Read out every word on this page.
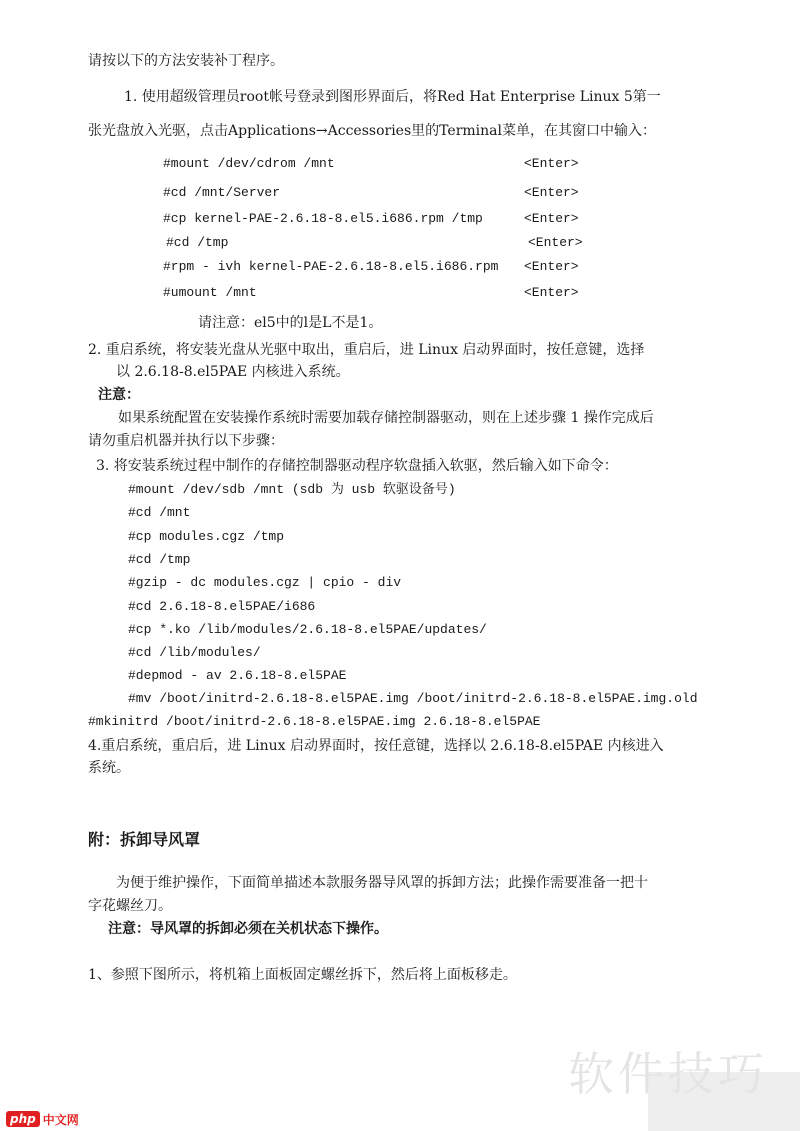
请按以下的方法安装补丁程序。
1. 使用超级管理员root帐号登录到图形界面后，将Red Hat Enterprise Linux 5第一
张光盘放入光驱，点击Applications→Accessories里的Terminal菜单，在其窗口中输入：
#mount /dev/cdrom /mnt	<Enter>
#cd /mnt/Server	<Enter>
#cp kernel-PAE-2.6.18-8.el5.i686.rpm /tmp	<Enter>
#cd /tmp	<Enter>
#rpm - ivh kernel-PAE-2.6.18-8.el5.i686.rpm <Enter>
#umount /mnt	<Enter>
请注意：el5中的l是L不是1。
2. 重启系统，将安装光盘从光驱中取出，重启后，进 Linux 启动界面时，按任意键，选择
以 2.6.18-8.el5PAE 内核进入系统。
注意：
如果系统配置在安装操作系统时需要加载存储控制器驱动，则在上述步骤 1 操作完成后
请勿重启机器并执行以下步骤：
3. 将安装系统过程中制作的存储控制器驱动程序软盘插入软驱，然后输入如下命令：
#mount /dev/sdb /mnt (sdb 为 usb 软驱设备号)
#cd /mnt
#cp modules.cgz /tmp
#cd /tmp
#gzip - dc modules.cgz | cpio - div
#cd 2.6.18-8.el5PAE/i686
#cp *.ko /lib/modules/2.6.18-8.el5PAE/updates/
#cd /lib/modules/
#depmod - av 2.6.18-8.el5PAE
#mv /boot/initrd-2.6.18-8.el5PAE.img /boot/initrd-2.6.18-8.el5PAE.img.old
#mkinitrd /boot/initrd-2.6.18-8.el5PAE.img 2.6.18-8.el5PAE
4.重启系统，重启后，进 Linux 启动界面时，按任意键，选择以 2.6.18-8.el5PAE 内核进入
系统。
附：拆卸导风罩
为便于维护操作，下面简单描述本款服务器导风罩的拆卸方法；此操作需要准备一把十
字花螺丝刀。
注意：导风罩的拆卸必须在关机状态下操作。
1、参照下图所示，将机箱上面板固定螺丝拆下，然后将上面板移走。
软件技巧
php 中文网
